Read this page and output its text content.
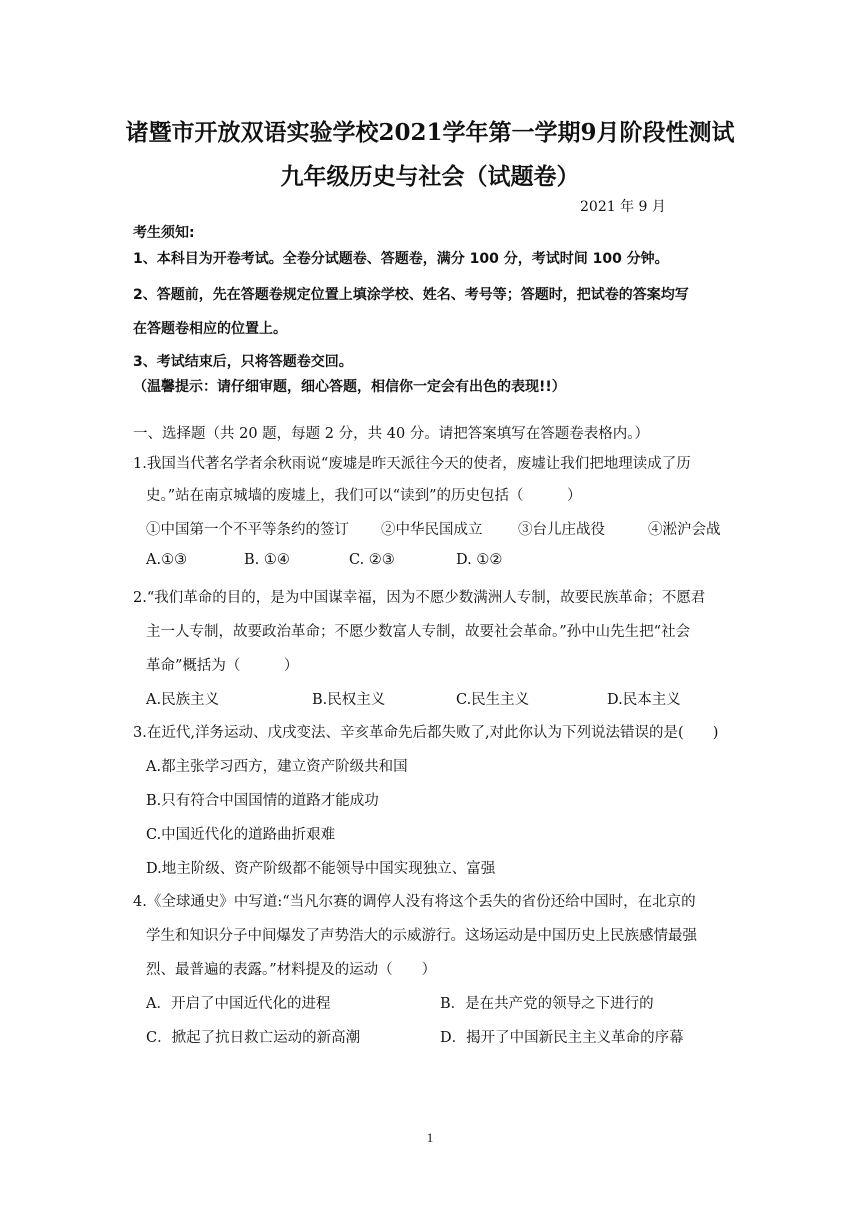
诸暨市开放双语实验学校2021学年第一学期9月阶段性测试
九年级历史与社会（试题卷）
2021 年 9 月
考生须知:
1、本科目为开卷考试。全卷分试题卷、答题卷，满分 100 分，考试时间 100 分钟。
2、答题前，先在答题卷规定位置上填涂学校、姓名、考号等；答题时，把试卷的答案均写
在答题卷相应的位置上。
3、考试结束后，只将答题卷交回。
（温馨提示：请仔细审题，细心答题，相信你一定会有出色的表现!!）
一、选择题（共 20 题，每题 2 分，共 40 分。请把答案填写在答题卷表格内。）
1.我国当代著名学者余秋雨说“废墟是昨天派往今天的使者，废墟让我们把地理读成了历
史。”站在南京城墙的废墟上，我们可以“读到”的历史包括（　　　）
①中国第一个不平等条约的签订 ②中华民国成立 ③台儿庄战役	④淞沪会战
A.①③	B. ①④	C. ②③	D. ①②
2.“我们革命的目的，是为中国谋幸福，因为不愿少数满洲人专制，故要民族革命；不愿君
主一人专制，故要政治革命；不愿少数富人专制，故要社会革命。”孙中山先生把“社会
革命”概括为（　　　）
A.民族主义	B.民权主义	C.民生主义	D.民本主义
3.在近代,洋务运动、戊戌变法、辛亥革命先后都失败了,对此你认为下列说法错误的是(　　)
A.都主张学习西方，建立资产阶级共和国
B.只有符合中国国情的道路才能成功
C.中国近代化的道路曲折艰难
D.地主阶级、资产阶级都不能领导中国实现独立、富强
4.《全球通史》中写道:“当凡尔赛的调停人没有将这个丢失的省份还给中国时，在北京的
学生和知识分子中间爆发了声势浩大的示威游行。这场运动是中国历史上民族感情最强
烈、最普遍的表露。”材料提及的运动（　　）
A．开启了中国近代化的进程	B．是在共产党的领导之下进行的
C．掀起了抗日救亡运动的新高潮	D．揭开了中国新民主主义革命的序幕
1
